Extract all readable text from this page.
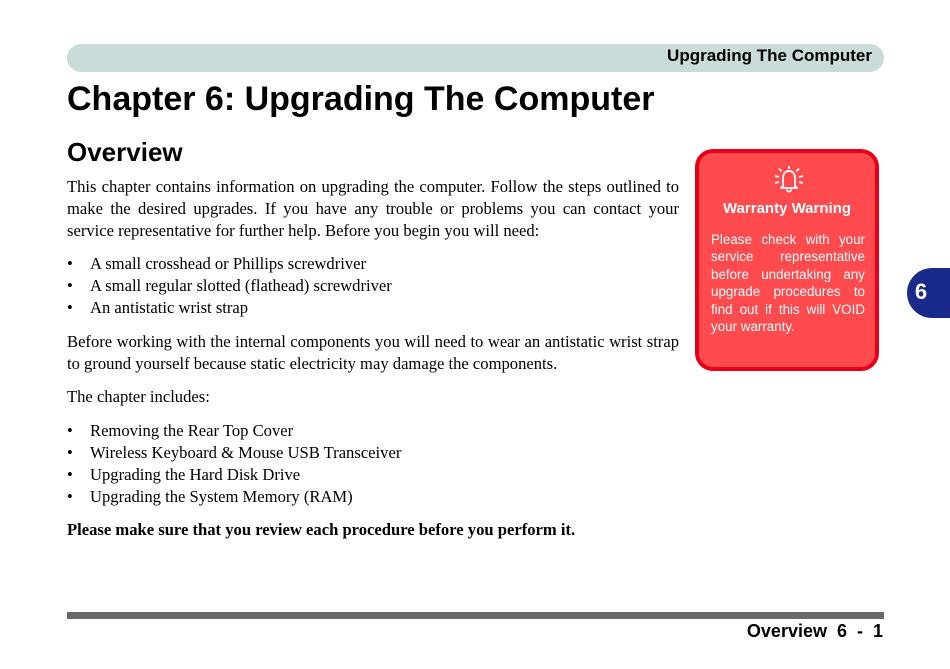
Upgrading The Computer
Chapter 6: Upgrading The Computer
Overview

This chapter contains information on upgrading the computer. Follow the steps outlined to make the desired upgrades. If you have any trouble or problems you can contact your service representative for further help. Before you begin you will need:

• A small crosshead or Phillips screwdriver
• A small regular slotted (flathead) screwdriver
• An antistatic wrist strap

Before working with the internal components you will need to wear an antistatic wrist strap to ground yourself because static electricity may damage the components.

The chapter includes:

• Removing the Rear Top Cover
• Wireless Keyboard & Mouse USB Transceiver
• Upgrading the Hard Disk Drive
• Upgrading the System Memory (RAM)

Please make sure that you review each procedure before you perform it.

Warranty Warning

Please check with your service representative before undertaking any upgrade procedures to find out if this will VOID your warranty.

6
Overview  6  -  1
